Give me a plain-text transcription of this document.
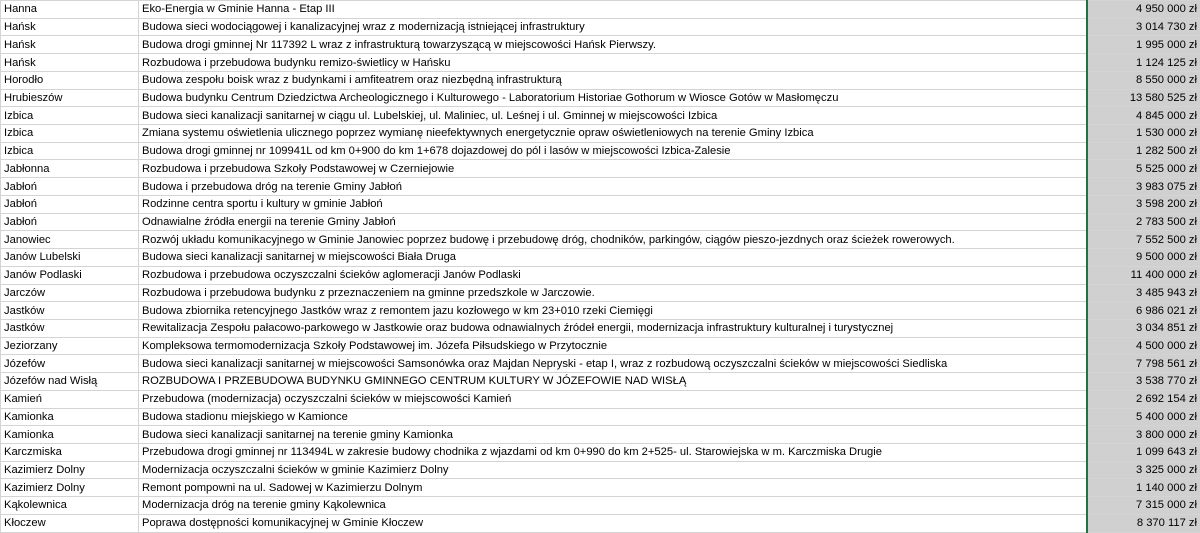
Hanna	Eko-Energia w Gminie Hanna - Etap III	4 950 000 zł
Hańsk	Budowa sieci wodociągowej i kanalizacyjnej wraz z modernizacją istniejącej infrastruktury	3 014 730 zł
Hańsk	Budowa drogi gminnej Nr 117392 L wraz z infrastrukturą towarzyszącą w miejscowości Hańsk Pierwszy.	1 995 000 zł
Hańsk	Rozbudowa i przebudowa budynku remizo-świetlicy w Hańsku	1 124 125 zł
Horodło	Budowa zespołu boisk wraz z budynkami i amfiteatrem oraz niezbędną infrastrukturą	8 550 000 zł
Hrubieszów	Budowa budynku Centrum Dziedzictwa Archeologicznego i Kulturowego - Laboratorium Historiae Gothorum w Wiosce Gotów w Masłomęczu	13 580 525 zł
Izbica	Budowa sieci kanalizacji sanitarnej w ciągu ul. Lubelskiej, ul. Maliniec, ul. Leśnej i ul. Gminnej w miejscowości Izbica	4 845 000 zł
Izbica	Zmiana systemu oświetlenia ulicznego poprzez wymianę nieefektywnych energetycznie opraw oświetleniowych na terenie Gminy Izbica	1 530 000 zł
Izbica	Budowa drogi gminnej nr 109941L od km 0+900 do km 1+678 dojazdowej do pól i lasów w miejscowości Izbica-Zalesie	1 282 500 zł
Jabłonna	Rozbudowa i przebudowa Szkoły Podstawowej w Czerniejowie	5 525 000 zł
Jabłoń	Budowa i przebudowa dróg na terenie Gminy Jabłoń	3 983 075 zł
Jabłoń	Rodzinne centra sportu i kultury w gminie Jabłoń	3 598 200 zł
Jabłoń	Odnawialne źródła energii na terenie Gminy Jabłoń	2 783 500 zł
Janowiec	Rozwój układu komunikacyjnego w Gminie Janowiec poprzez budowę i przebudowę dróg, chodników, parkingów, ciągów pieszo-jezdnych oraz ścieżek rowerowych.	7 552 500 zł
Janów Lubelski	Budowa sieci kanalizacji sanitarnej w miejscowości Biała Druga	9 500 000 zł
Janów Podlaski	Rozbudowa i przebudowa oczyszczalni ścieków aglomeracji Janów Podlaski	11 400 000 zł
Jarczów	Rozbudowa i przebudowa budynku z przeznaczeniem na gminne przedszkole w Jarczowie.	3 485 943 zł
Jastków	Budowa zbiornika retencyjnego Jastków wraz z remontem jazu kozłowego w km 23+010 rzeki Ciemięgi	6 986 021 zł
Jastków	Rewitalizacja Zespołu pałacowo-parkowego w Jastkowie oraz budowa odnawialnych źródeł energii, modernizacja infrastruktury kulturalnej i turystycznej	3 034 851 zł
Jeziorzany	Kompleksowa termomodernizacja Szkoły Podstawowej im. Józefa Piłsudskiego w Przytocznie	4 500 000 zł
Józefów	Budowa sieci kanalizacji sanitarnej w miejscowości Samsonówka oraz Majdan Nepryski - etap I, wraz z rozbudową oczyszczalni ścieków w miejscowości Siedliska	7 798 561 zł
Józefów nad Wisłą	ROZBUDOWA I PRZEBUDOWA BUDYNKU GMINNEGO CENTRUM KULTURY W JÓZEFOWIE NAD WISŁĄ	3 538 770 zł
Kamień	Przebudowa (modernizacja) oczyszczalni ścieków w miejscowości Kamień	2 692 154 zł
Kamionka	Budowa stadionu miejskiego w Kamionce	5 400 000 zł
Kamionka	Budowa sieci kanalizacji sanitarnej na terenie gminy Kamionka	3 800 000 zł
Karczmiska	Przebudowa drogi gminnej nr 113494L w zakresie budowy chodnika z wjazdami od km 0+990 do km 2+525- ul. Starowiejska w m. Karczmiska Drugie	1 099 643 zł
Kazimierz Dolny	Modernizacja oczyszczalni ścieków w gminie Kazimierz Dolny	3 325 000 zł
Kazimierz Dolny	Remont pompowni na ul. Sadowej w Kazimierzu Dolnym	1 140 000 zł
Kąkolewnica	Modernizacja dróg na terenie gminy Kąkolewnica	7 315 000 zł
Kłoczew	Poprawa dostępności komunikacyjnej w Gminie Kłoczew	8 370 117 zł
